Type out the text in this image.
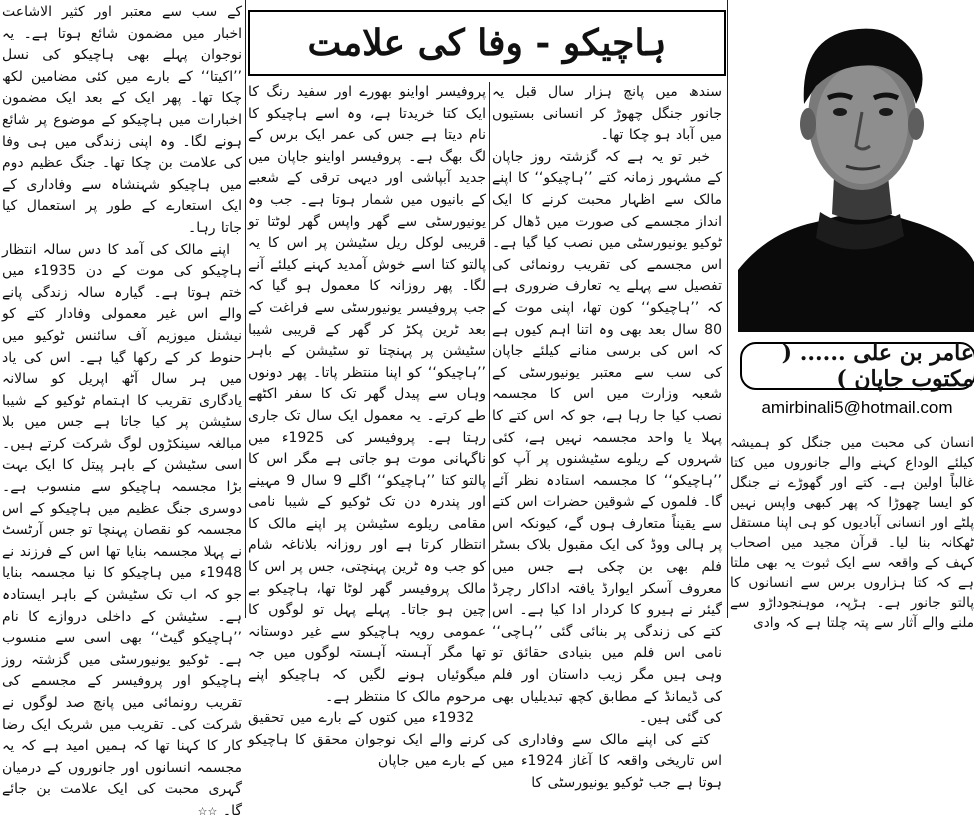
کے سب سے معتبر اور کثیر الاشاعت اخبار میں مضمون شائع ہوتا ہے۔ یہ نوجوان پہلے بھی ہاچیکو کی نسل ’’اکیتا‘‘ کے بارے میں کئی مضامین لکھ چکا تھا۔ پھر ایک کے بعد ایک مضمون اخبارات میں ہاچیکو کے موضوع پر شائع ہونے لگا۔ وہ اپنی زندگی میں ہی وفا کی علامت بن چکا تھا۔ جنگ عظیم دوم میں ہاچیکو شہنشاہ سے وفاداری کے ایک استعارے کے طور پر استعمال کیا جاتا رہا۔

اپنے مالک کی آمد کا دس سالہ انتظار ہاچیکو کی موت کے دن 1935ء میں ختم ہوتا ہے۔ گیارہ سالہ زندگی پانے والے اس غیر معمولی وفادار کتے کو نیشنل میوزیم آف سائنس ٹوکیو میں حنوط کر کے رکھا گیا ہے۔ اس کی یاد میں ہر سال آٹھ اپریل کو سالانہ یادگاری تقریب کا اہتمام ٹوکیو کے شیبا سٹیشن پر کیا جاتا ہے جس میں بلا مبالغہ سینکڑوں لوگ شرکت کرتے ہیں۔ اسی سٹیشن کے باہر پیتل کا ایک بہت بڑا مجسمہ ہاچیکو سے منسوب ہے۔ دوسری جنگ عظیم میں ہاچیکو کے اس مجسمہ کو نقصان پہنچا تو جس آرٹسٹ نے پہلا مجسمہ بنایا تھا اس کے فرزند نے 1948ء میں ہاچیکو کا نیا مجسمہ بنایا جو کہ اب تک سٹیشن کے باہر ایستادہ ہے۔ سٹیشن کے داخلی دروازے کا نام ’’ہاچیکو گیٹ‘‘ بھی اسی سے منسوب ہے۔ ٹوکیو یونیورسٹی میں گزشتہ روز ہاچیکو اور پروفیسر کے مجسمے کی تقریب رونمائی میں پانچ صد لوگوں نے شرکت کی۔ تقریب میں شریک ایک رضا کار کا کہنا تھا کہ ہمیں امید ہے کہ یہ مجسمہ انسانوں اور جانوروں کے درمیان گہری محبت کی ایک علامت بن جائے گا۔ ☆☆

ہاچیکو - وفا کی علامت

پروفیسر اواینو بھورے اور سفید رنگ کا ایک کتا خریدتا ہے، وہ اسے ہاچیکو کا نام دیتا ہے جس کی عمر ایک برس کے لگ بھگ ہے۔ پروفیسر اواینو جاپان میں جدید آبپاشی اور دیہی ترقی کے شعبے کے بانیوں میں شمار ہوتا ہے۔ جب وہ یونیورسٹی سے گھر واپس گھر لوٹتا تو قریبی لوکل ریل سٹیشن پر اس کا یہ پالتو کتا اسے خوش آمدید کہنے کیلئے آنے لگا۔ پھر روزانہ کا معمول ہو گیا کہ جب پروفیسر یونیورسٹی سے فراغت کے بعد ٹرین پکڑ کر گھر کے قریبی شیبا سٹیشن پر پہنچتا تو سٹیشن کے باہر ’’ہاچیکو‘‘ کو اپنا منتظر پاتا۔ پھر دونوں وہاں سے پیدل گھر تک کا سفر اکٹھے طے کرتے۔ یہ معمول ایک سال تک جاری رہتا ہے۔ پروفیسر کی 1925ء میں ناگہانی موت ہو جاتی ہے مگر اس کا پالتو کتا ’’ہاچیکو‘‘ اگلے 9 سال 9 مہینے اور پندرہ دن تک ٹوکیو کے شیبا نامی مقامی ریلوے سٹیشن پر اپنے مالک کا انتظار کرتا ہے اور روزانہ بلاناغہ شام کو جب وہ ٹرین پہنچتی، جس پر اس کا مالک پروفیسر گھر لوٹا تھا، ہاچیکو بے چین ہو جاتا۔ پہلے پہل تو لوگوں کا عمومی رویہ ہاچیکو سے غیر دوستانہ تھا مگر آہستہ آہستہ لوگوں میں جہ میگوئیاں ہونے لگیں کہ ہاچیکو اپنے مرحوم مالک کا منتظر ہے۔

1932ء میں کتوں کے بارے میں تحقیق کرنے والے ایک نوجوان محقق کا ہاچیکو کے بارے میں جاپان

سندھ میں پانچ ہزار سال قبل یہ جانور جنگل چھوڑ کر انسانی بستیوں میں آباد ہو چکا تھا۔

خبر تو یہ ہے کہ گزشتہ روز جاپان کے مشہور زمانہ کتے ’’ہاچیکو‘‘ کا اپنے مالک سے اظہار محبت کرنے کا ایک انداز مجسمے کی صورت میں ڈھال کر ٹوکیو یونیورسٹی میں نصب کیا گیا ہے۔ اس مجسمے کی تقریب رونمائی کی تفصیل سے پہلے یہ تعارف ضروری ہے کہ ’’ہاچیکو‘‘ کون تھا، اپنی موت کے 80 سال بعد بھی وہ اتنا اہم کیوں ہے کہ اس کی برسی منانے کیلئے جاپان کی سب سے معتبر یونیورسٹی کے شعبہ وزارت میں اس کا مجسمہ نصب کیا جا رہا ہے، جو کہ اس کتے کا پہلا یا واحد مجسمہ نہیں ہے، کئی شہروں کے ریلوے سٹیشنوں پر آپ کو ’’ہاچیکو‘‘ کا مجسمہ استادہ نظر آئے گا۔ فلموں کے شوقین حضرات اس کتے سے یقیناً متعارف ہوں گے، کیونکہ اس پر ہالی ووڈ کی ایک مقبول بلاک بسٹر فلم بھی بن چکی ہے جس میں معروف آسکر ایوارڈ یافتہ اداکار رچرڈ گیئر نے ہیرو کا کردار ادا کیا ہے۔ اس کتے کی زندگی پر بنائی گئی ’’ہاچی‘‘ نامی اس فلم میں بنیادی حقائق تو وہی ہیں مگر زیب داستان اور فلم کی ڈیمانڈ کے مطابق کچھ تبدیلیاں بھی کی گئی ہیں۔

کتے کی اپنے مالک سے وفاداری کی اس تاریخی واقعہ کا آغاز 1924ء میں ہوتا ہے جب ٹوکیو یونیورسٹی کا

عامر بن علی ...... ( مکتوب جاپان )
amirbinali5@hotmail.com

انسان کی محبت میں جنگل کو ہمیشہ کیلئے الوداع کہنے والے جانوروں میں کتا غالباً اولین ہے۔ کتے اور گھوڑے نے جنگل کو ایسا چھوڑا کہ پھر کبھی واپس نہیں پلٹے اور انسانی آبادیوں کو ہی اپنا مستقل ٹھکانہ بنا لیا۔ قرآن مجید میں اصحاب کہف کے واقعہ سے ایک ثبوت یہ بھی ملتا ہے کہ کتا ہزاروں برس سے انسانوں کا پالتو جانور ہے۔ ہڑپہ، موہنجوداڑو سے ملنے والے آثار سے پتہ چلتا ہے کہ وادی
